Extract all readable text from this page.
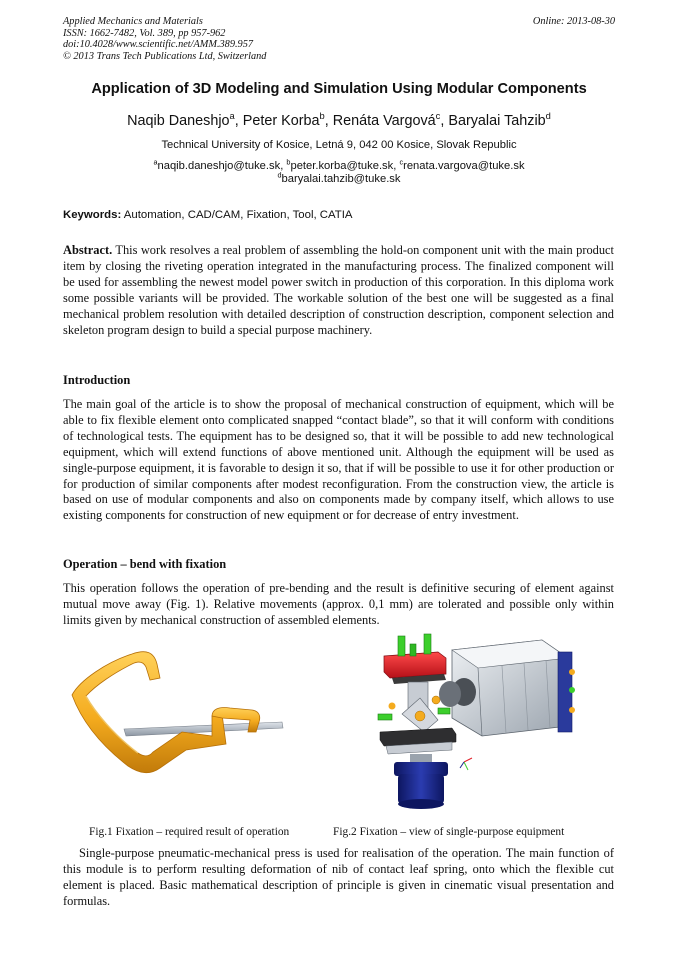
Applied Mechanics and Materials
ISSN: 1662-7482, Vol. 389, pp 957-962
doi:10.4028/www.scientific.net/AMM.389.957
© 2013 Trans Tech Publications Ltd, Switzerland
Online: 2013-08-30
Application of 3D Modeling and Simulation Using Modular Components
Naqib Daneshjo$^a$, Peter Korba$^b$, Renáta Vargová$^c$, Baryalai Tahzib$^d$
Technical University of Kosice, Letná 9, 042 00 Kosice, Slovak Republic
$^a$naqib.daneshjo@tuke.sk, $^b$peter.korba@tuke.sk, $^c$renata.vargova@tuke.sk
$^d$baryalai.tahzib@tuke.sk
Keywords: Automation, CAD/CAM, Fixation, Tool, CATIA

Abstract. This work resolves a real problem of assembling the hold-on component unit with the main product item by closing the riveting operation integrated in the manufacturing process. The finalized component will be used for assembling the newest model power switch in production of this corporation. In this diploma work some possible variants will be provided. The workable solution of the best one will be suggested as a final mechanical problem resolution with detailed description of construction description, component selection and skeleton program design to build a special purpose machinery.

Introduction

The main goal of the article is to show the proposal of mechanical construction of equipment, which will be able to fix flexible element onto complicated snapped “contact blade”, so that it will conform with conditions of technological tests. The equipment has to be designed so, that it will be possible to add new technological equipment, which will extend functions of above mentioned unit. Although the equipment will be used as single-purpose equipment, it is favorable to design it so, that if will be possible to use it for other production or for production of similar components after modest reconfiguration. From the construction view, the article is based on use of modular components and also on components made by company itself, which allows to use existing components for construction of new equipment or for decrease of entry investment.

Operation – bend with fixation

This operation follows the operation of pre-bending and the result is definitive securing of element against mutual move away (Fig. 1). Relative movements (approx. 0,1 mm) are tolerated and possible only within limits given by mechanical construction of assembled elements.

Fig.1 Fixation – required result of operation	Fig.2 Fixation – view of single-purpose equipment

Single-purpose pneumatic-mechanical press is used for realisation of the operation. The main function of this module is to perform resulting deformation of nib of contact leaf spring, onto which the flexible cut element is placed. Basic mathematical description of principle is given in cinematic visual presentation and formulas.
